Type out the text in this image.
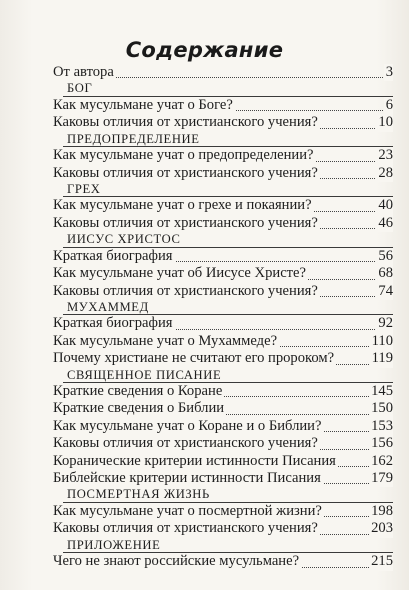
Содержание
От автора	3
БОГ
Как мусульмане учат о Боге?	6
Каковы отличия от христианского учения?	10
ПРЕДОПРЕДЕЛЕНИЕ
Как мусульмане учат о предопределении?	23
Каковы отличия от христианского учения?	28
ГРЕХ
Как мусульмане учат о грехе и покаянии?	40
Каковы отличия от христианского учения?	46
ИИСУС ХРИСТОС
Краткая биография	56
Как мусульмане учат об Иисусе Христе?	68
Каковы отличия от христианского учения?	74
МУХАММЕД
Краткая биография	92
Как мусульмане учат о Мухаммеде?	110
Почему христиане не считают его пророком?	119
СВЯЩЕННОЕ ПИСАНИЕ
Краткие сведения о Коране	145
Краткие сведения о Библии	150
Как мусульмане учат о Коране и о Библии?	153
Каковы отличия от христианского учения?	156
Коранические критерии истинности Писания 162
Библейские критерии истинности Писания	179
ПОСМЕРТНАЯ ЖИЗНЬ
Как мусульмане учат о посмертной жизни?	198
Каковы отличия от христианского учения?	203
ПРИЛОЖЕНИЕ
Чего не знают российские мусульмане?	215
